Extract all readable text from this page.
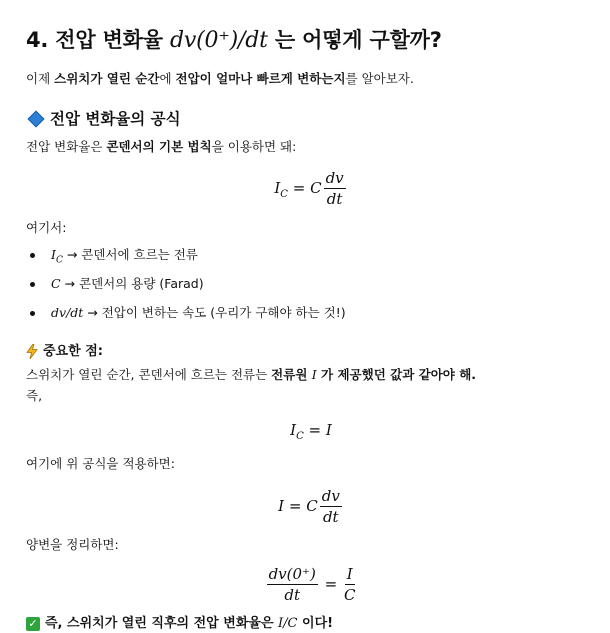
4. 전압 변화율 dv(0⁺)/dt 는 어떻게 구할까?
이제 스위치가 열린 순간에 전압이 얼마나 빠르게 변하는지를 알아보자.
전압 변화율의 공식
전압 변화율은 콘덴서의 기본 법칙을 이용하면 돼:
$I_C = C \frac{dv}{dt}$
여기서:
$I_C$ → 콘덴서에 흐르는 전류
C → 콘덴서의 용량 (Farad)
dv/dt → 전압이 변하는 속도 (우리가 구해야 하는 것!)
중요한 점:
스위치가 열린 순간, 콘덴서에 흐르는 전류는 전류원 I 가 제공했던 값과 같아야 해.
즉,
$I_C = I$
여기에 위 공식을 적용하면:
I = C $\frac{dv}{dt}$
양변을 정리하면:
$\frac{dv(0^+)}{dt} = \frac{I}{C}$
✓ 즉, 스위치가 열린 직후의 전압 변화율은 I/C 이다!
